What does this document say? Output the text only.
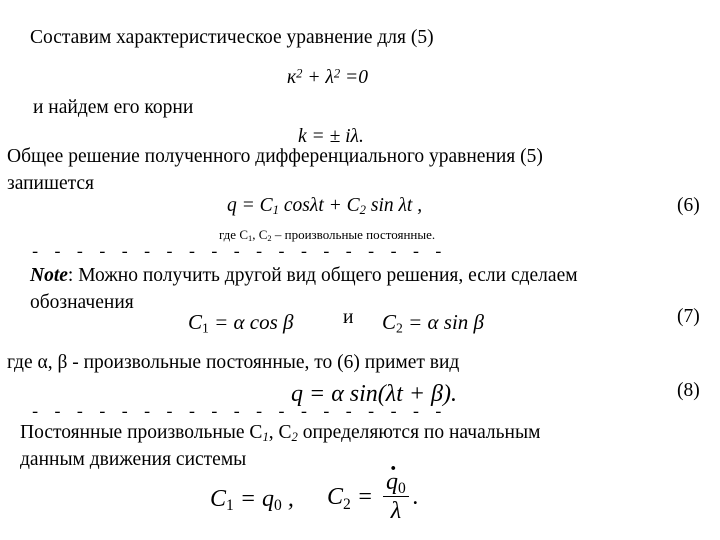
Составим характеристическое уравнение для (5)
$к^2 + \lambda^2 =0$
и найдем его корни
k = ± iλ.
Общее решение полученного дифференциального уравнения (5)
запишется
$q = C_1$ $\cos\lambda t + C_2$ sin λt ,	(6)
где $C_1$, $C_2$ – произвольные постоянные.
- - - - - - - - - - - - - - - - - - -
Note: Можно получить другой вид общего решения, если сделаем
обозначения
$C_1 = \alpha$ cos β	и $C_2 = \alpha$ sin β	(7)
где α, β - произвольные постоянные, то (6) примет вид
q = α sin(λt + β).	(8)
- - - - - - - - - - - - - - - - - - -
Постоянные произвольные $C_1$, $C_2$ определяются по начальным
данным движения системы
$C_1 = q_0$ , C 2 =
· $\frac{q_0}{\lambda}$ .
